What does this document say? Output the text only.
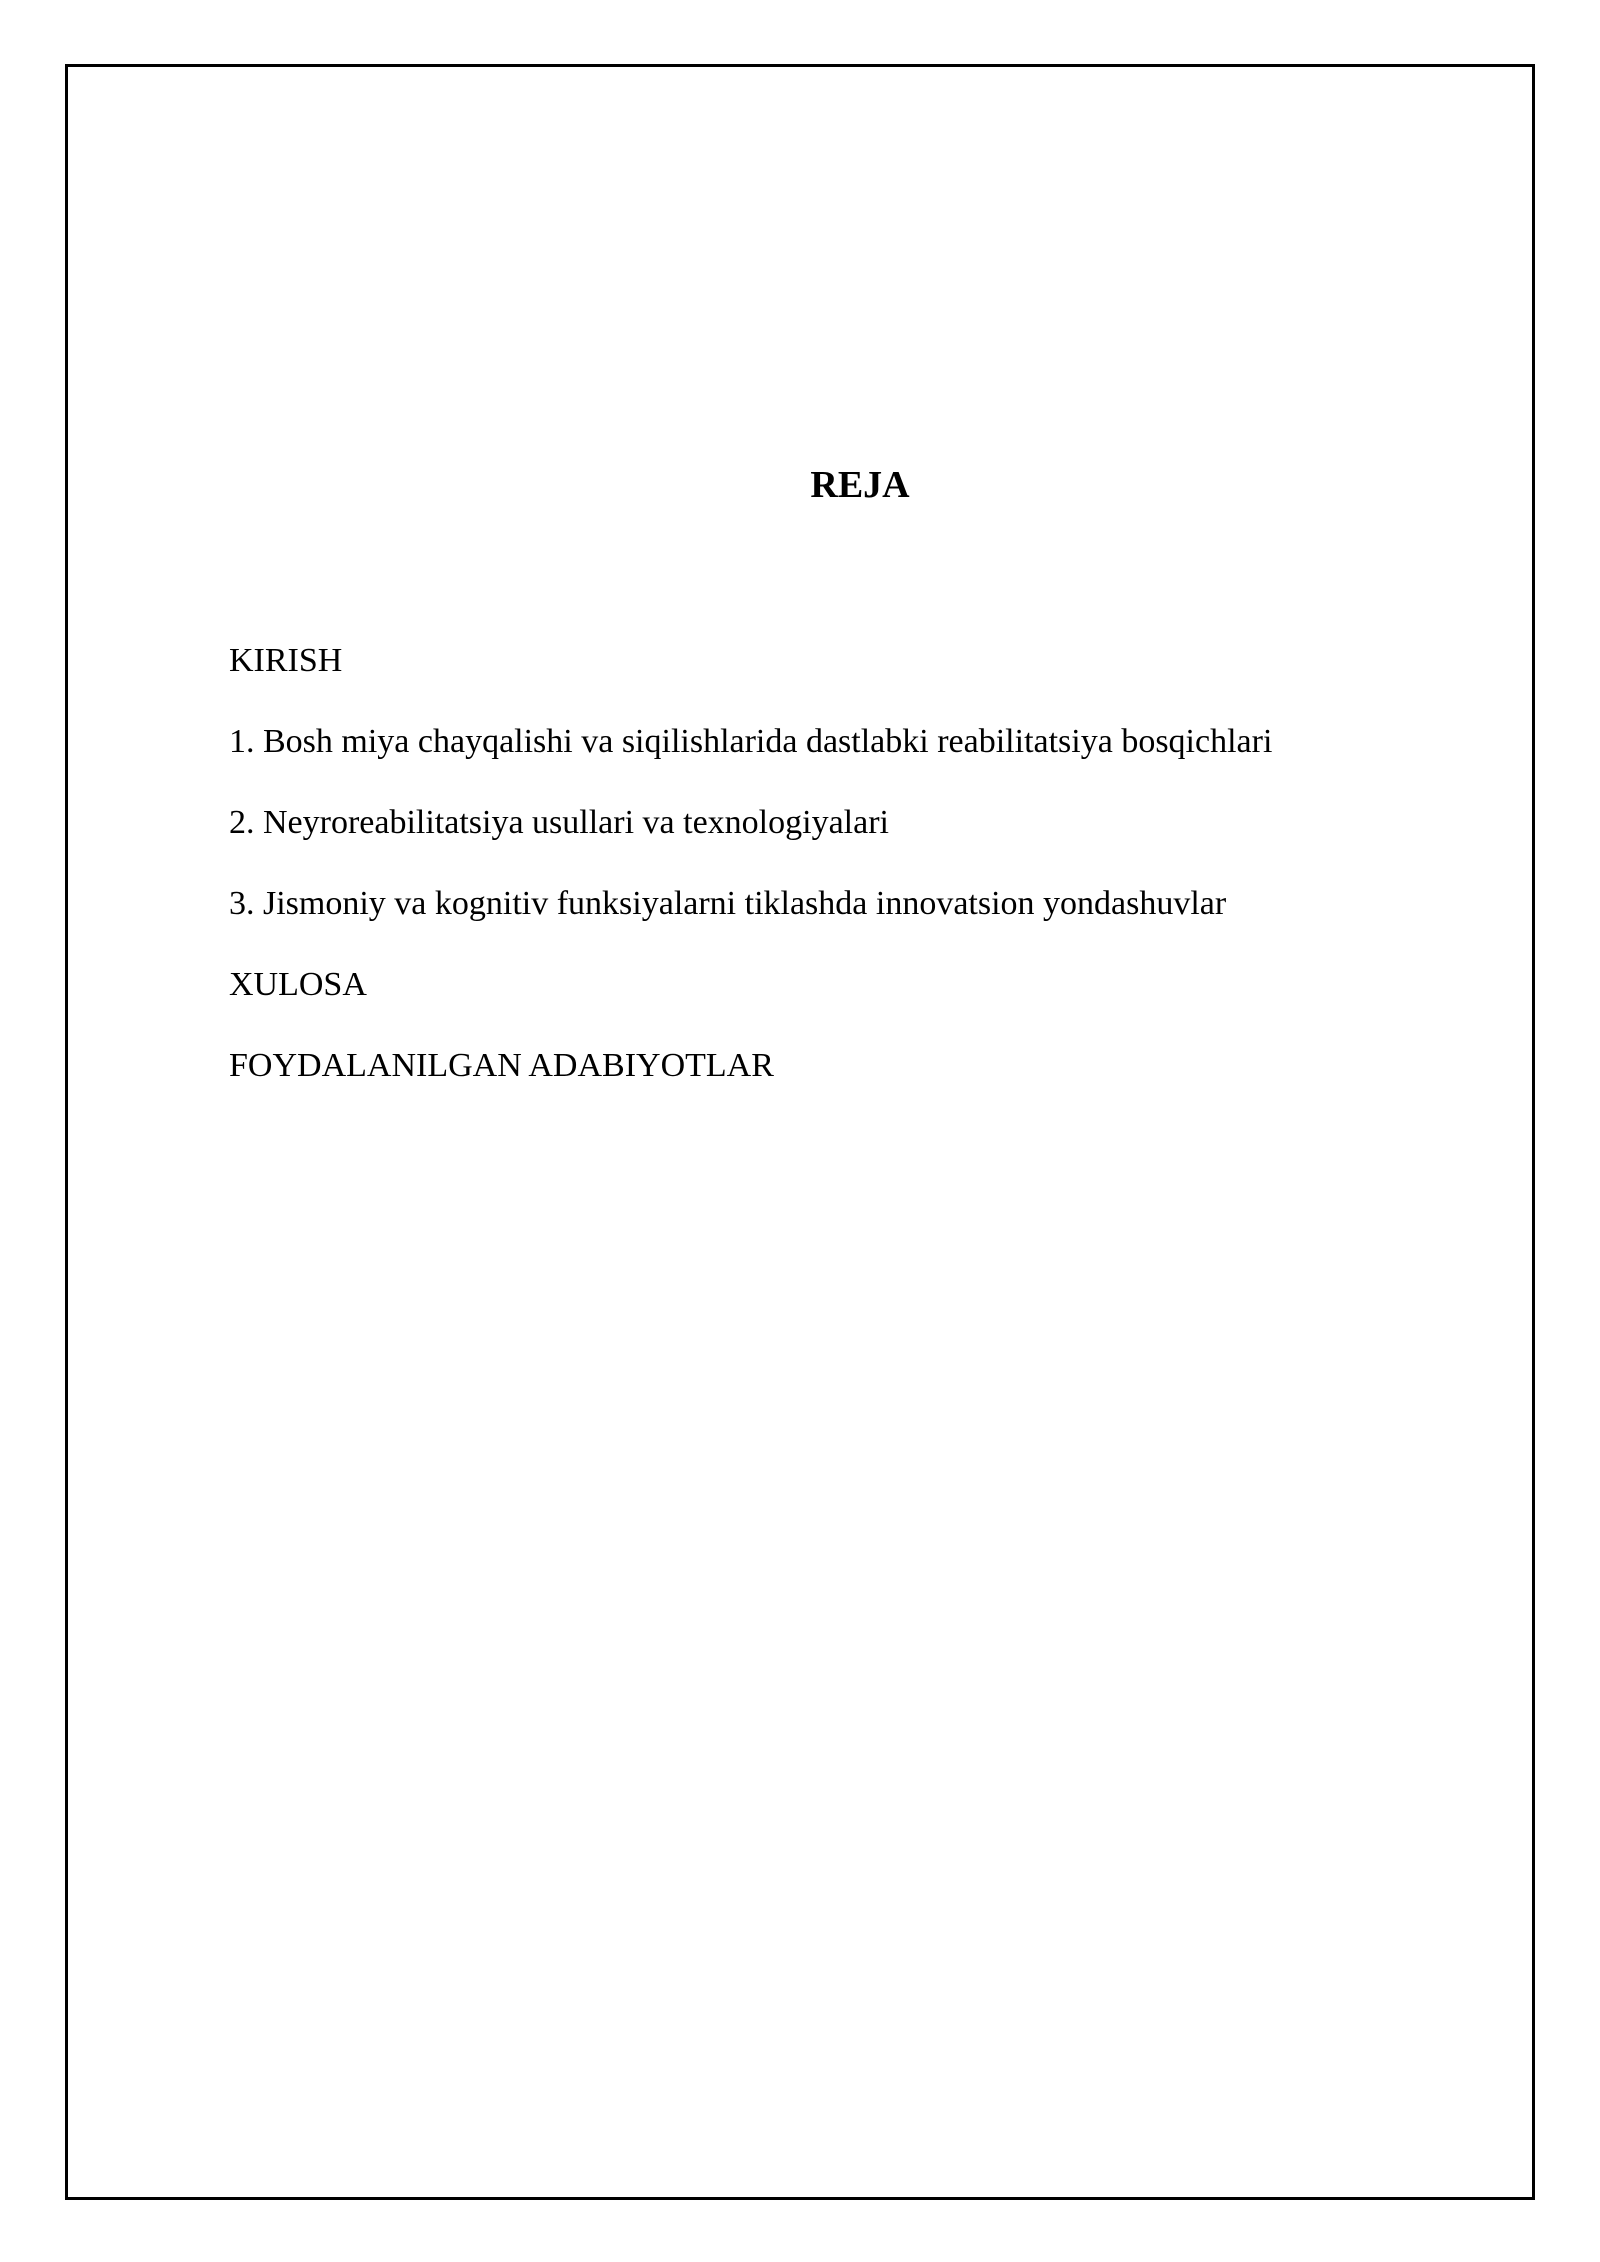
REJA
KIRISH
1. Bosh miya chayqalishi va siqilishlarida dastlabki reabilitatsiya bosqichlari
2. Neyroreabilitatsiya usullari va texnologiyalari
3. Jismoniy va kognitiv funksiyalarni tiklashda innovatsion yondashuvlar
XULOSA
FOYDALANILGAN ADABIYOTLAR
